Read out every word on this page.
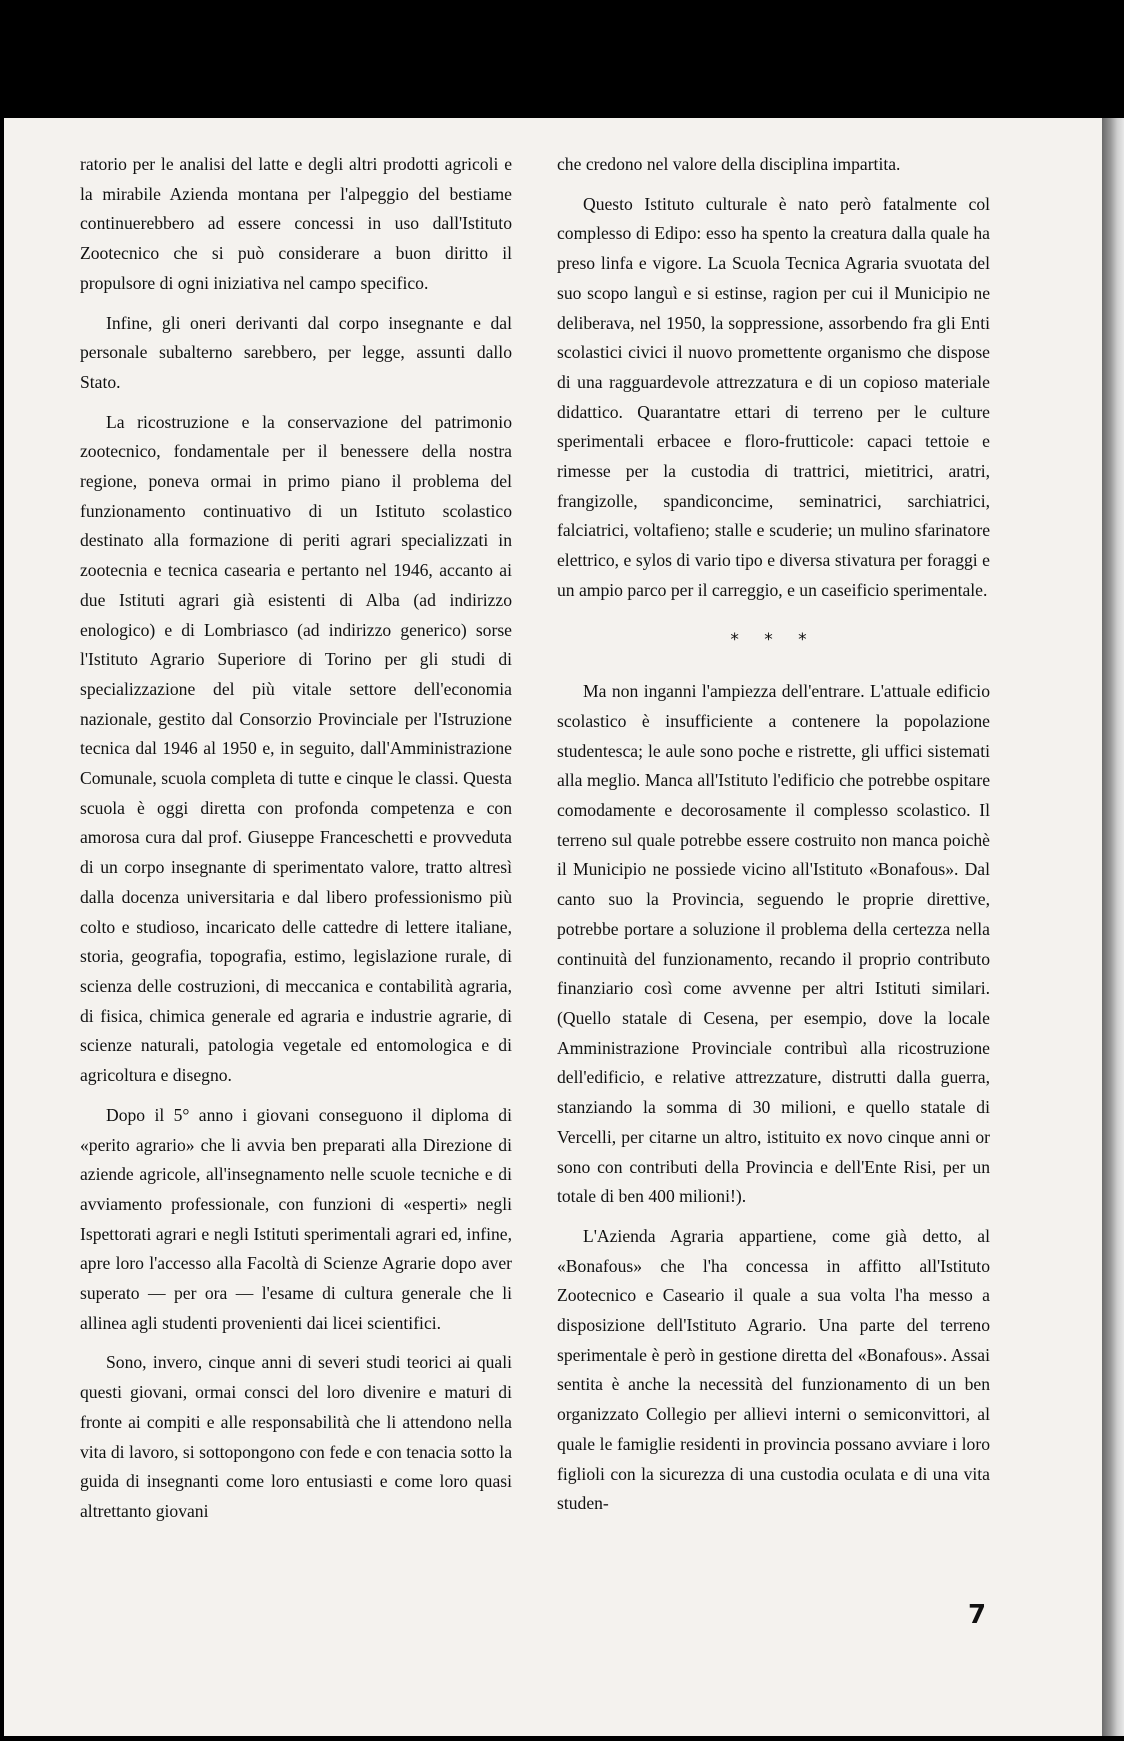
ratorio per le analisi del latte e degli altri prodotti agricoli e la mirabile Azienda montana per l'alpeggio del bestiame continuerebbero ad essere concessi in uso dall'Istituto Zootecnico che si può considerare a buon diritto il propulsore di ogni iniziativa nel campo specifico.

Infine, gli oneri derivanti dal corpo insegnante e dal personale subalterno sarebbero, per legge, assunti dallo Stato.

La ricostruzione e la conservazione del patrimonio zootecnico, fondamentale per il benessere della nostra regione, poneva ormai in primo piano il problema del funzionamento continuativo di un Istituto scolastico destinato alla formazione di periti agrari specializzati in zootecnia e tecnica casearia e pertanto nel 1946, accanto ai due Istituti agrari già esistenti di Alba (ad indirizzo enologico) e di Lombriasco (ad indirizzo generico) sorse l'Istituto Agrario Superiore di Torino per gli studi di specializzazione del più vitale settore dell'economia nazionale, gestito dal Consorzio Provinciale per l'Istruzione tecnica dal 1946 al 1950 e, in seguito, dall'Amministrazione Comunale, scuola completa di tutte e cinque le classi. Questa scuola è oggi diretta con profonda competenza e con amorosa cura dal prof. Giuseppe Franceschetti e provveduta di un corpo insegnante di sperimentato valore, tratto altresì dalla docenza universitaria e dal libero professionismo più colto e studioso, incaricato delle cattedre di lettere italiane, storia, geografia, topografia, estimo, legislazione rurale, di scienza delle costruzioni, di meccanica e contabilità agraria, di fisica, chimica generale ed agraria e industrie agrarie, di scienze naturali, patologia vegetale ed entomologica e di agricoltura e disegno.

Dopo il 5° anno i giovani conseguono il diploma di «perito agrario» che li avvia ben preparati alla Direzione di aziende agricole, all'insegnamento nelle scuole tecniche e di avviamento professionale, con funzioni di «esperti» negli Ispettorati agrari e negli Istituti sperimentali agrari ed, infine, apre loro l'accesso alla Facoltà di Scienze Agrarie dopo aver superato — per ora — l'esame di cultura generale che li allinea agli studenti provenienti dai licei scientifici.

Sono, invero, cinque anni di severi studi teorici ai quali questi giovani, ormai consci del loro divenire e maturi di fronte ai compiti e alle responsabilità che li attendono nella vita di lavoro, si sottopongono con fede e con tenacia sotto la guida di insegnanti come loro entusiasti e come loro quasi altrettanto giovani

che credono nel valore della disciplina impartita.

Questo Istituto culturale è nato però fatalmente col complesso di Edipo: esso ha spento la creatura dalla quale ha preso linfa e vigore. La Scuola Tecnica Agraria svuotata del suo scopo languì e si estinse, ragion per cui il Municipio ne deliberava, nel 1950, la soppressione, assorbendo fra gli Enti scolastici civici il nuovo promettente organismo che dispose di una ragguardevole attrezzatura e di un copioso materiale didattico. Quarantatre ettari di terreno per le culture sperimentali erbacee e floro-frutticole: capaci tettoie e rimesse per la custodia di trattrici, mietitrici, aratri, frangizolle, spandiconcime, seminatrici, sarchiatrici, falciatrici, voltafieno; stalle e scuderie; un mulino sfarinatore elettrico, e sylos di vario tipo e diversa stivatura per foraggi e un ampio parco per il carreggio, e un caseificio sperimentale.

* * *

Ma non inganni l'ampiezza dell'entrare. L'attuale edificio scolastico è insufficiente a contenere la popolazione studentesca; le aule sono poche e ristrette, gli uffici sistemati alla meglio. Manca all'Istituto l'edificio che potrebbe ospitare comodamente e decorosamente il complesso scolastico. Il terreno sul quale potrebbe essere costruito non manca poichè il Municipio ne possiede vicino all'Istituto «Bonafous». Dal canto suo la Provincia, seguendo le proprie direttive, potrebbe portare a soluzione il problema della certezza nella continuità del funzionamento, recando il proprio contributo finanziario così come avvenne per altri Istituti similari. (Quello statale di Cesena, per esempio, dove la locale Amministrazione Provinciale contribuì alla ricostruzione dell'edificio, e relative attrezzature, distrutti dalla guerra, stanziando la somma di 30 milioni, e quello statale di Vercelli, per citarne un altro, istituito ex novo cinque anni or sono con contributi della Provincia e dell'Ente Risi, per un totale di ben 400 milioni!).

L'Azienda Agraria appartiene, come già detto, al «Bonafous» che l'ha concessa in affitto all'Istituto Zootecnico e Caseario il quale a sua volta l'ha messo a disposizione dell'Istituto Agrario. Una parte del terreno sperimentale è però in gestione diretta del «Bonafous». Assai sentita è anche la necessità del funzionamento di un ben organizzato Collegio per allievi interni o semiconvittori, al quale le famiglie residenti in provincia possano avviare i loro figlioli con la sicurezza di una custodia oculata e di una vita studen-

7
